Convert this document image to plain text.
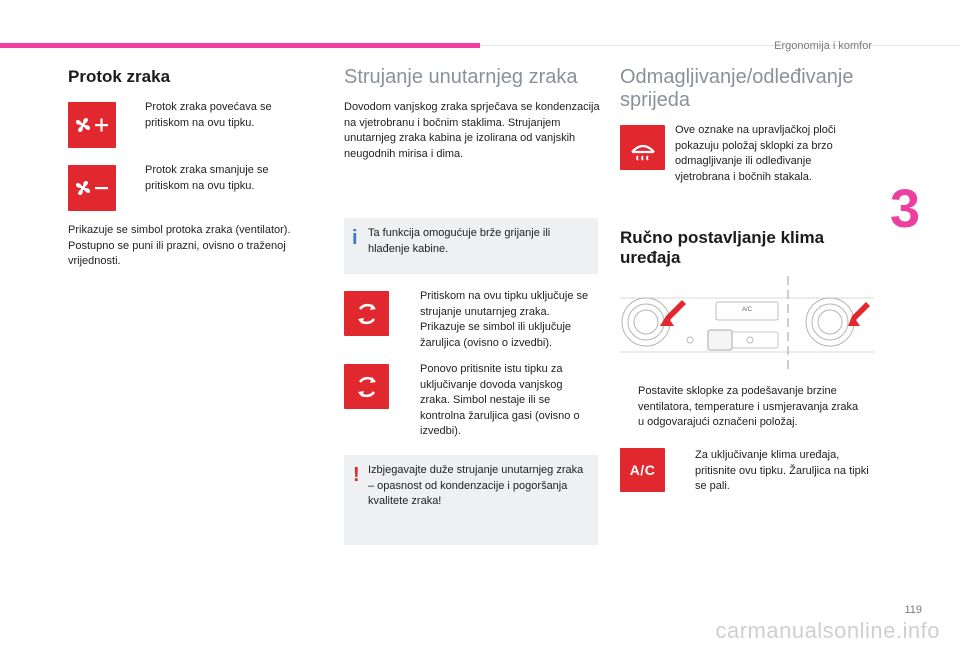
Ergonomija i komfor
3
Protok zraka
Protok zraka povećava se pritiskom na ovu tipku.
Protok zraka smanjuje se pritiskom na ovu tipku.
Prikazuje se simbol protoka zraka (ventilator). Postupno se puni ili prazni, ovisno o traženoj vrijednosti.
Strujanje unutarnjeg zraka
Dovodom vanjskog zraka sprječava se kondenzacija na vjetrobranu i bočnim staklima. Strujanjem unutarnjeg zraka kabina je izolirana od vanjskih neugodnih mirisa i dima.
i Ta funkcija omogućuje brže grijanje ili hlađenje kabine.
Pritiskom na ovu tipku uključuje se strujanje unutarnjeg zraka. Prikazuje se simbol ili uključuje žaruljica (ovisno o izvedbi).
Ponovo pritisnite istu tipku za uključivanje dovoda vanjskog zraka. Simbol nestaje ili se kontrolna žaruljica gasi (ovisno o izvedbi).
! Izbjegavajte duže strujanje unutarnjeg zraka – opasnost od kondenzacije i pogoršanja kvalitete zraka!
Odmagljivanje/odleđivanje
sprijeda
Ove oznake na upravljačkoj ploči pokazuju položaj sklopki za brzo odmagljivanje ili odleđivanje vjetrobrana i bočnih stakala.
Ručno postavljanje klima
uređaja
A/C
Postavite sklopke za podešavanje brzine ventilatora, temperature i usmjeravanja zraka u odgovarajući označeni položaj.
A/C
Za uključivanje klima uređaja, pritisnite ovu tipku. Žaruljica na tipki se pali.
119
carmanualsonline.info
